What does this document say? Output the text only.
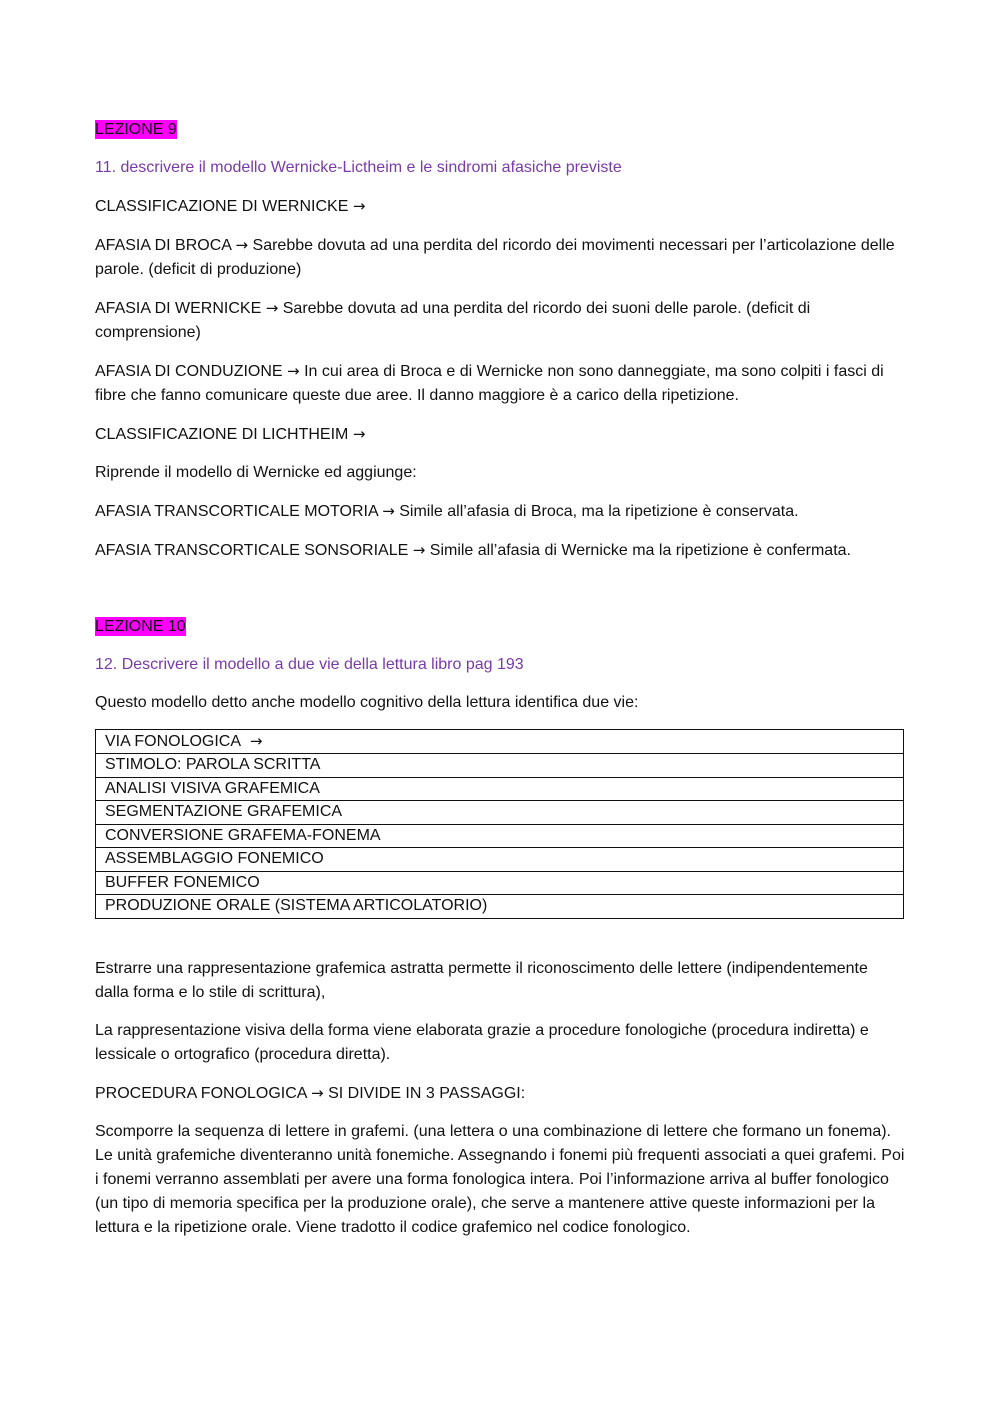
LEZIONE 9

11. descrivere il modello Wernicke-Lictheim e le sindromi afasiche previste

CLASSIFICAZIONE DI WERNICKE →

AFASIA DI BROCA → Sarebbe dovuta ad una perdita del ricordo dei movimenti necessari per l’articolazione delle parole. (deficit di produzione)

AFASIA DI WERNICKE → Sarebbe dovuta ad una perdita del ricordo dei suoni delle parole. (deficit di comprensione)

AFASIA DI CONDUZIONE → In cui area di Broca e di Wernicke non sono danneggiate, ma sono colpiti i fasci di fibre che fanno comunicare queste due aree. Il danno maggiore è a carico della ripetizione.

CLASSIFICAZIONE DI LICHTHEIM →

Riprende il modello di Wernicke ed aggiunge:

AFASIA TRANSCORTICALE MOTORIA → Simile all’afasia di Broca, ma la ripetizione è conservata.

AFASIA TRANSCORTICALE SONSORIALE → Simile all’afasia di Wernicke ma la ripetizione è confermata.

LEZIONE 10

12. Descrivere il modello a due vie della lettura libro pag 193

Questo modello detto anche modello cognitivo della lettura identifica due vie:

VIA FONOLOGICA →
STIMOLO: PAROLA SCRITTA
ANALISI VISIVA GRAFEMICA
SEGMENTAZIONE GRAFEMICA
CONVERSIONE GRAFEMA-FONEMA
ASSEMBLAGGIO FONEMICO
BUFFER FONEMICO
PRODUZIONE ORALE (SISTEMA ARTICOLATORIO)

Estrarre una rappresentazione grafemica astratta permette il riconoscimento delle lettere (indipendentemente dalla forma e lo stile di scrittura),

La rappresentazione visiva della forma viene elaborata grazie a procedure fonologiche (procedura indiretta) e lessicale o ortografico (procedura diretta).

PROCEDURA FONOLOGICA → SI DIVIDE IN 3 PASSAGGI:

Scomporre la sequenza di lettere in grafemi. (una lettera o una combinazione di lettere che formano un fonema). Le unità grafemiche diventeranno unità fonemiche. Assegnando i fonemi più frequenti associati a quei grafemi. Poi i fonemi verranno assemblati per avere una forma fonologica intera. Poi l’informazione arriva al buffer fonologico (un tipo di memoria specifica per la produzione orale), che serve a mantenere attive queste informazioni per la lettura e la ripetizione orale. Viene tradotto il codice grafemico nel codice fonologico.
